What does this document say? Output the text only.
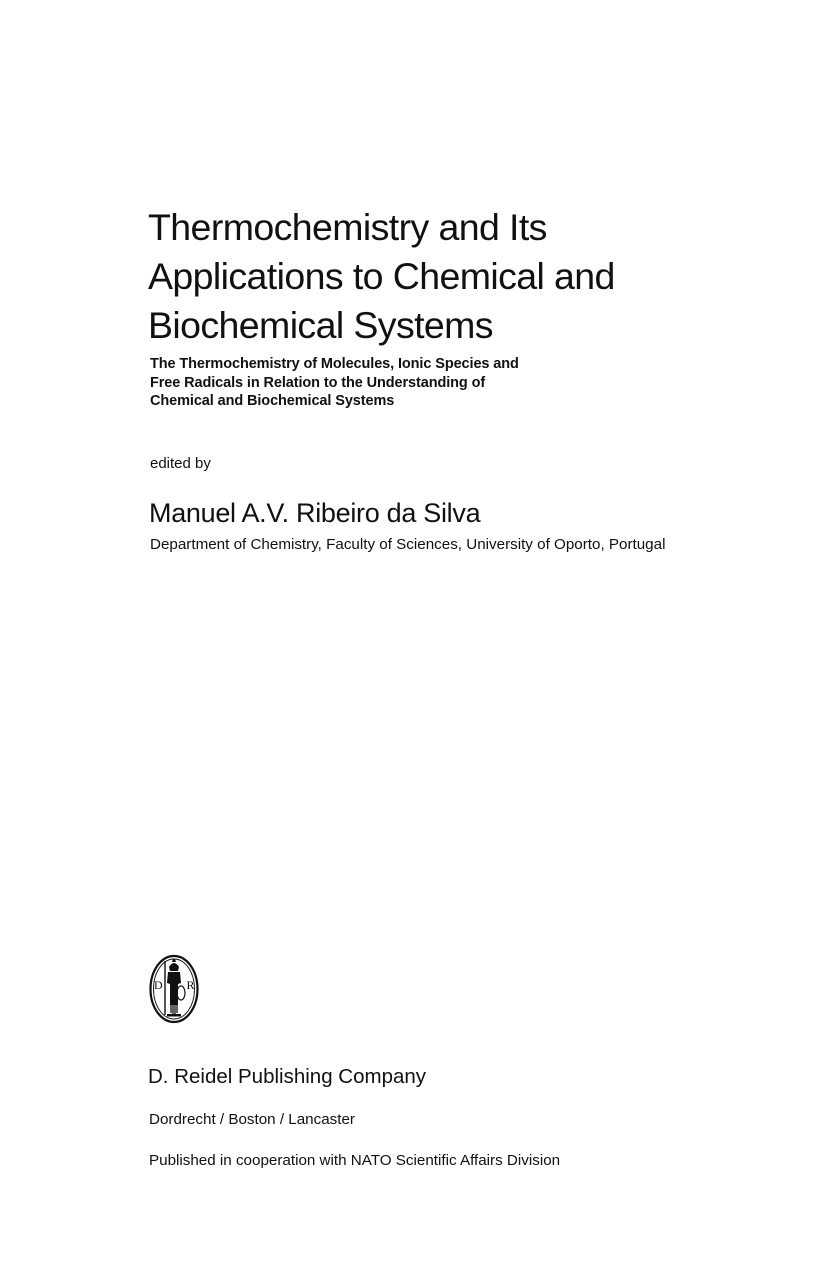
Thermochemistry and Its
Applications to Chemical and
Biochemical Systems

The Thermochemistry of Molecules, Ionic Species and
Free Radicals in Relation to the Understanding of
Chemical and Biochemical Systems

edited by

Manuel A.V. Ribeiro da Silva

Department of Chemistry, Faculty of Sciences, University of Oporto, Portugal

D R

D. Reidel Publishing Company

Dordrecht / Boston / Lancaster

Published in cooperation with NATO Scientific Affairs Division
